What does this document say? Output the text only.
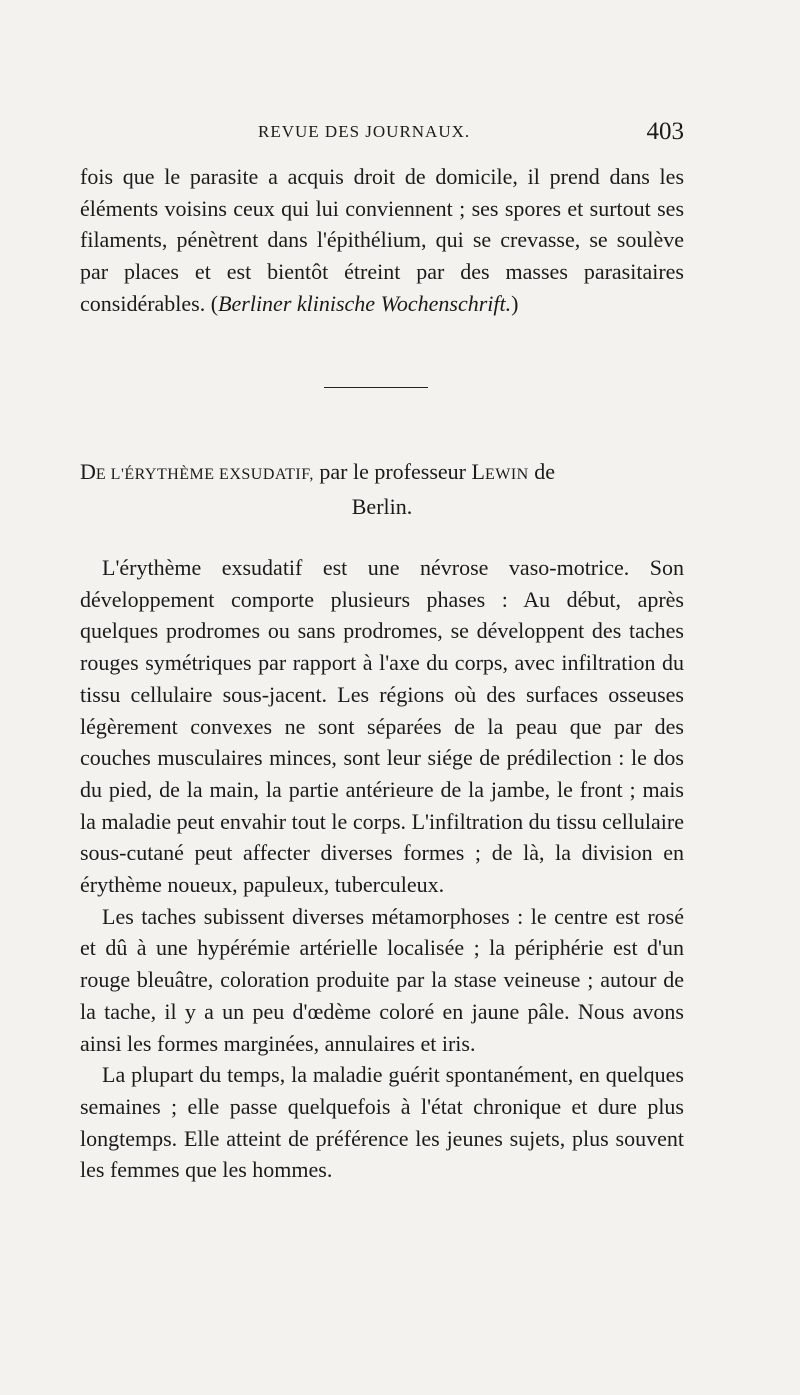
REVUE DES JOURNAUX.	403

fois que le parasite a acquis droit de domicile, il prend dans les éléments voisins ceux qui lui conviennent ; ses spores et surtout ses filaments, pénètrent dans l'épithélium, qui se crevasse, se soulève par places et est bientôt étreint par des masses parasitaires considérables. (Berliner klinische Wochenschrift.)

DE L'ÉRYTHÈME EXSUDATIF, par le professeur LEWIN de
Berlin.

L'érythème exsudatif est une névrose vaso-motrice. Son développement comporte plusieurs phases : Au début, après quelques prodromes ou sans prodromes, se développent des taches rouges symétriques par rapport à l'axe du corps, avec infiltration du tissu cellulaire sous-jacent. Les régions où des surfaces osseuses légèrement convexes ne sont séparées de la peau que par des couches musculaires minces, sont leur siége de prédilection : le dos du pied, de la main, la partie antérieure de la jambe, le front ; mais la maladie peut envahir tout le corps. L'infiltration du tissu cellulaire sous-cutané peut affecter diverses formes ; de là, la division en érythème noueux, papuleux, tuberculeux.

Les taches subissent diverses métamorphoses : le centre est rosé et dû à une hypérémie artérielle localisée ; la périphérie est d'un rouge bleuâtre, coloration produite par la stase veineuse ; autour de la tache, il y a un peu d'œdème coloré en jaune pâle. Nous avons ainsi les formes marginées, annulaires et iris.

La plupart du temps, la maladie guérit spontanément, en quelques semaines ; elle passe quelquefois à l'état chronique et dure plus longtemps. Elle atteint de préférence les jeunes sujets, plus souvent les femmes que les hommes.
